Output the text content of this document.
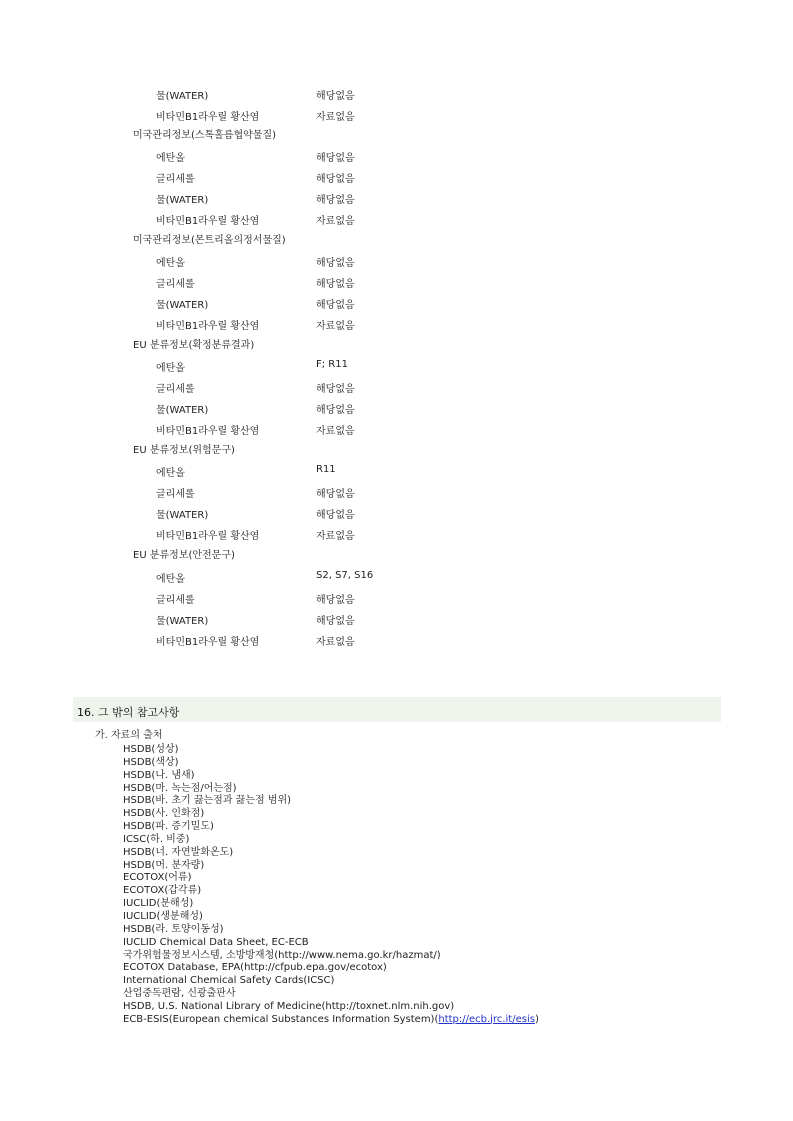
물(WATER)	해당없음
비타민B1라우릴 황산염	자료없음
미국관리정보(스톡홀름협약물질)
에탄올	해당없음
글리세롤	해당없음
물(WATER)	해당없음
비타민B1라우릴 황산염	자료없음
미국관리정보(몬트리올의정서물질)
에탄올	해당없음
글리세롤	해당없음
물(WATER)	해당없음
비타민B1라우릴 황산염	자료없음
EU 분류정보(확정분류결과)
에탄올	F; R11
글리세롤	해당없음
물(WATER)	해당없음
비타민B1라우릴 황산염	자료없음
EU 분류정보(위험문구)
에탄올	R11
글리세롤	해당없음
물(WATER)	해당없음
비타민B1라우릴 황산염	자료없음
EU 분류정보(안전문구)
에탄올	S2, S7, S16
글리세롤	해당없음
물(WATER)	해당없음
비타민B1라우릴 황산염	자료없음
16. 그 밖의 참고사항
가. 자료의 출처
HSDB(성상)
HSDB(색상)
HSDB(나. 냄새)
HSDB(마. 녹는점/어는점)
HSDB(바. 초기 끓는점과 끓는점 범위)
HSDB(사. 인화점)
HSDB(파. 증기밀도)
ICSC(하. 비중)
HSDB(너. 자연발화온도)
HSDB(머. 분자량)
ECOTOX(어류)
ECOTOX(갑각류)
IUCLID(분해성)
IUCLID(생분해성)
HSDB(라. 토양이동성)
IUCLID Chemical Data Sheet, EC-ECB
국가위험물정보시스템, 소방방재청(http://www.nema.go.kr/hazmat/)
ECOTOX Database, EPA(http://cfpub.epa.gov/ecotox)
International Chemical Safety Cards(ICSC)
산업중독편람, 신광출판사
HSDB, U.S. National Library of Medicine(http://toxnet.nlm.nih.gov)
ECB-ESIS(European chemical Substances Information System)(http://ecb.jrc.it/esis)
